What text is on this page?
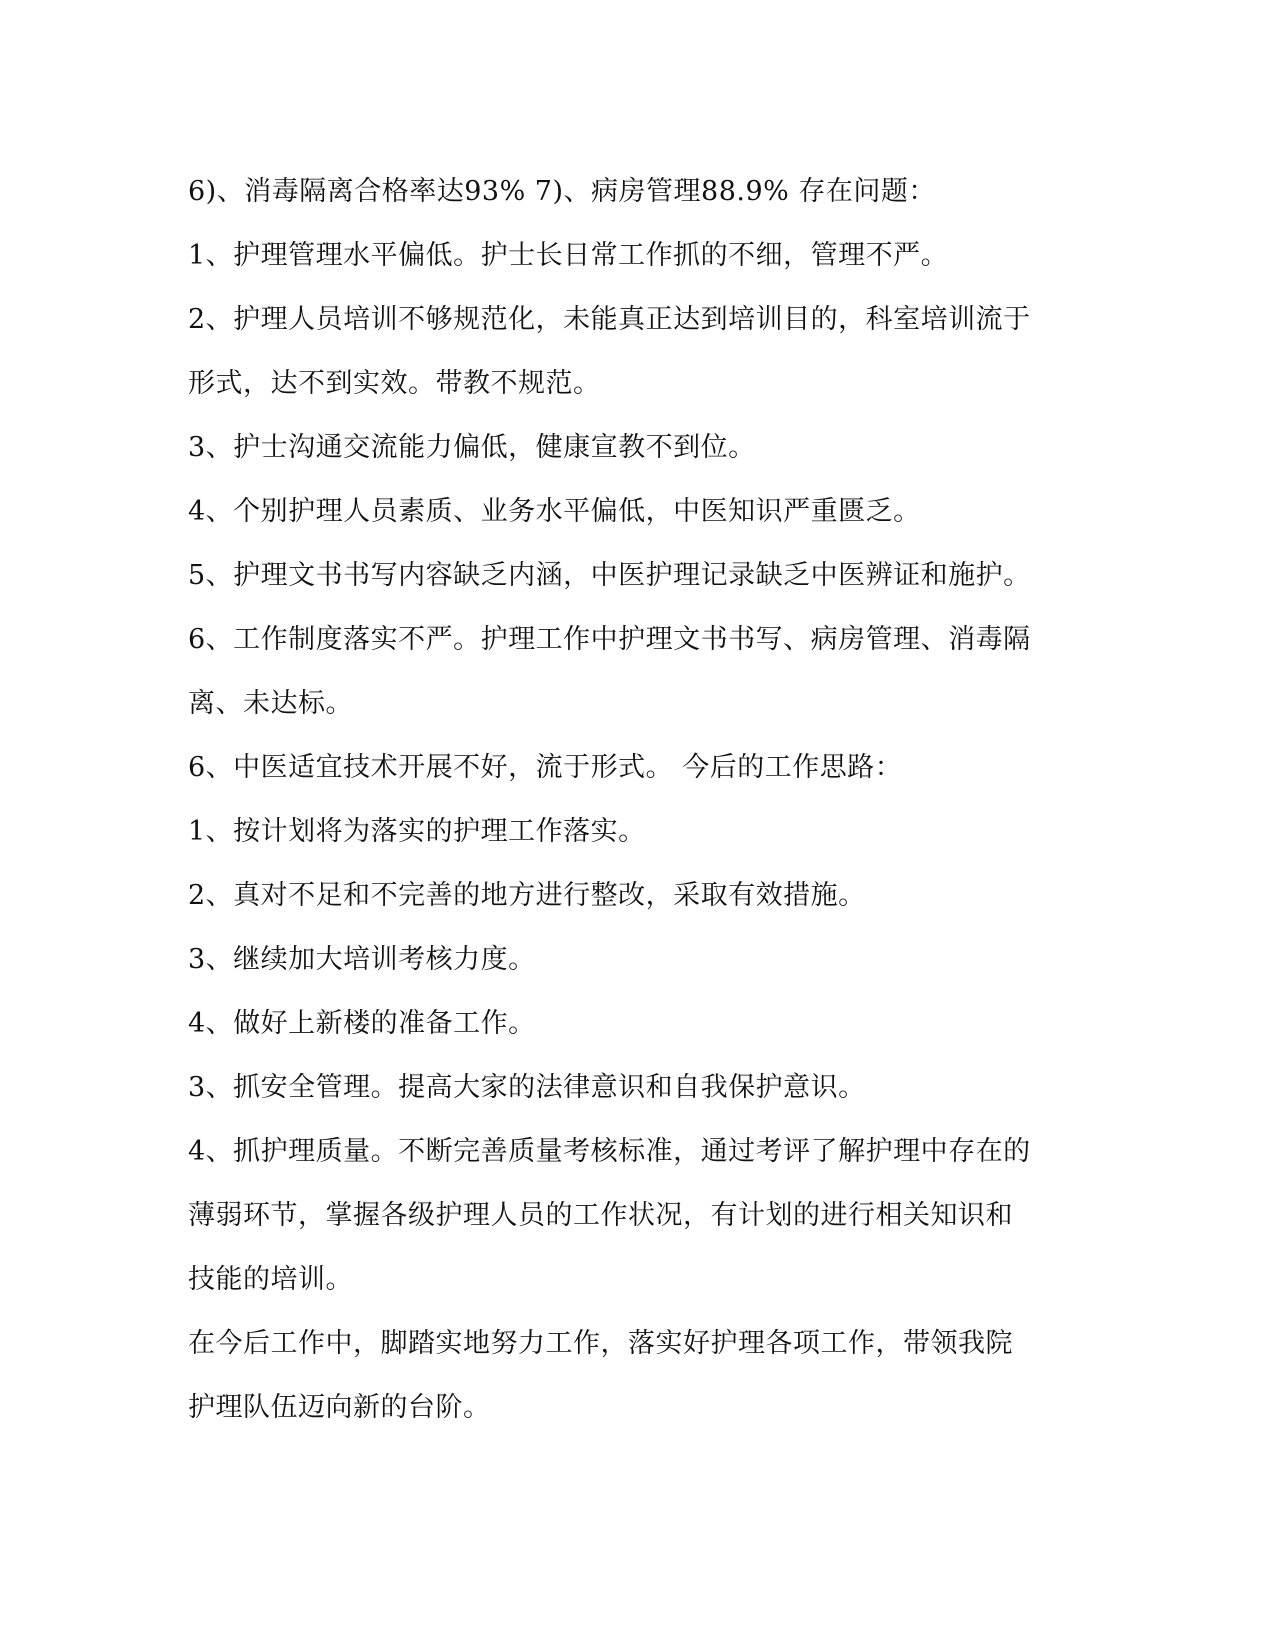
6)、消毒隔离合格率达93% 7)、病房管理88.9% 存在问题：
1、护理管理水平偏低。护士长日常工作抓的不细，管理不严。
2、护理人员培训不够规范化，未能真正达到培训目的，科室培训流于
形式，达不到实效。带教不规范。
3、护士沟通交流能力偏低，健康宣教不到位。
4、个别护理人员素质、业务水平偏低，中医知识严重匮乏。
5、护理文书书写内容缺乏内涵，中医护理记录缺乏中医辨证和施护。
6、工作制度落实不严。护理工作中护理文书书写、病房管理、消毒隔
离、未达标。
6、中医适宜技术开展不好，流于形式。 今后的工作思路：
1、按计划将为落实的护理工作落实。
2、真对不足和不完善的地方进行整改，采取有效措施。
3、继续加大培训考核力度。
4、做好上新楼的准备工作。
3、抓安全管理。提高大家的法律意识和自我保护意识。
4、抓护理质量。不断完善质量考核标准，通过考评了解护理中存在的
薄弱环节，掌握各级护理人员的工作状况，有计划的进行相关知识和
技能的培训。
在今后工作中，脚踏实地努力工作，落实好护理各项工作，带领我院
护理队伍迈向新的台阶。
